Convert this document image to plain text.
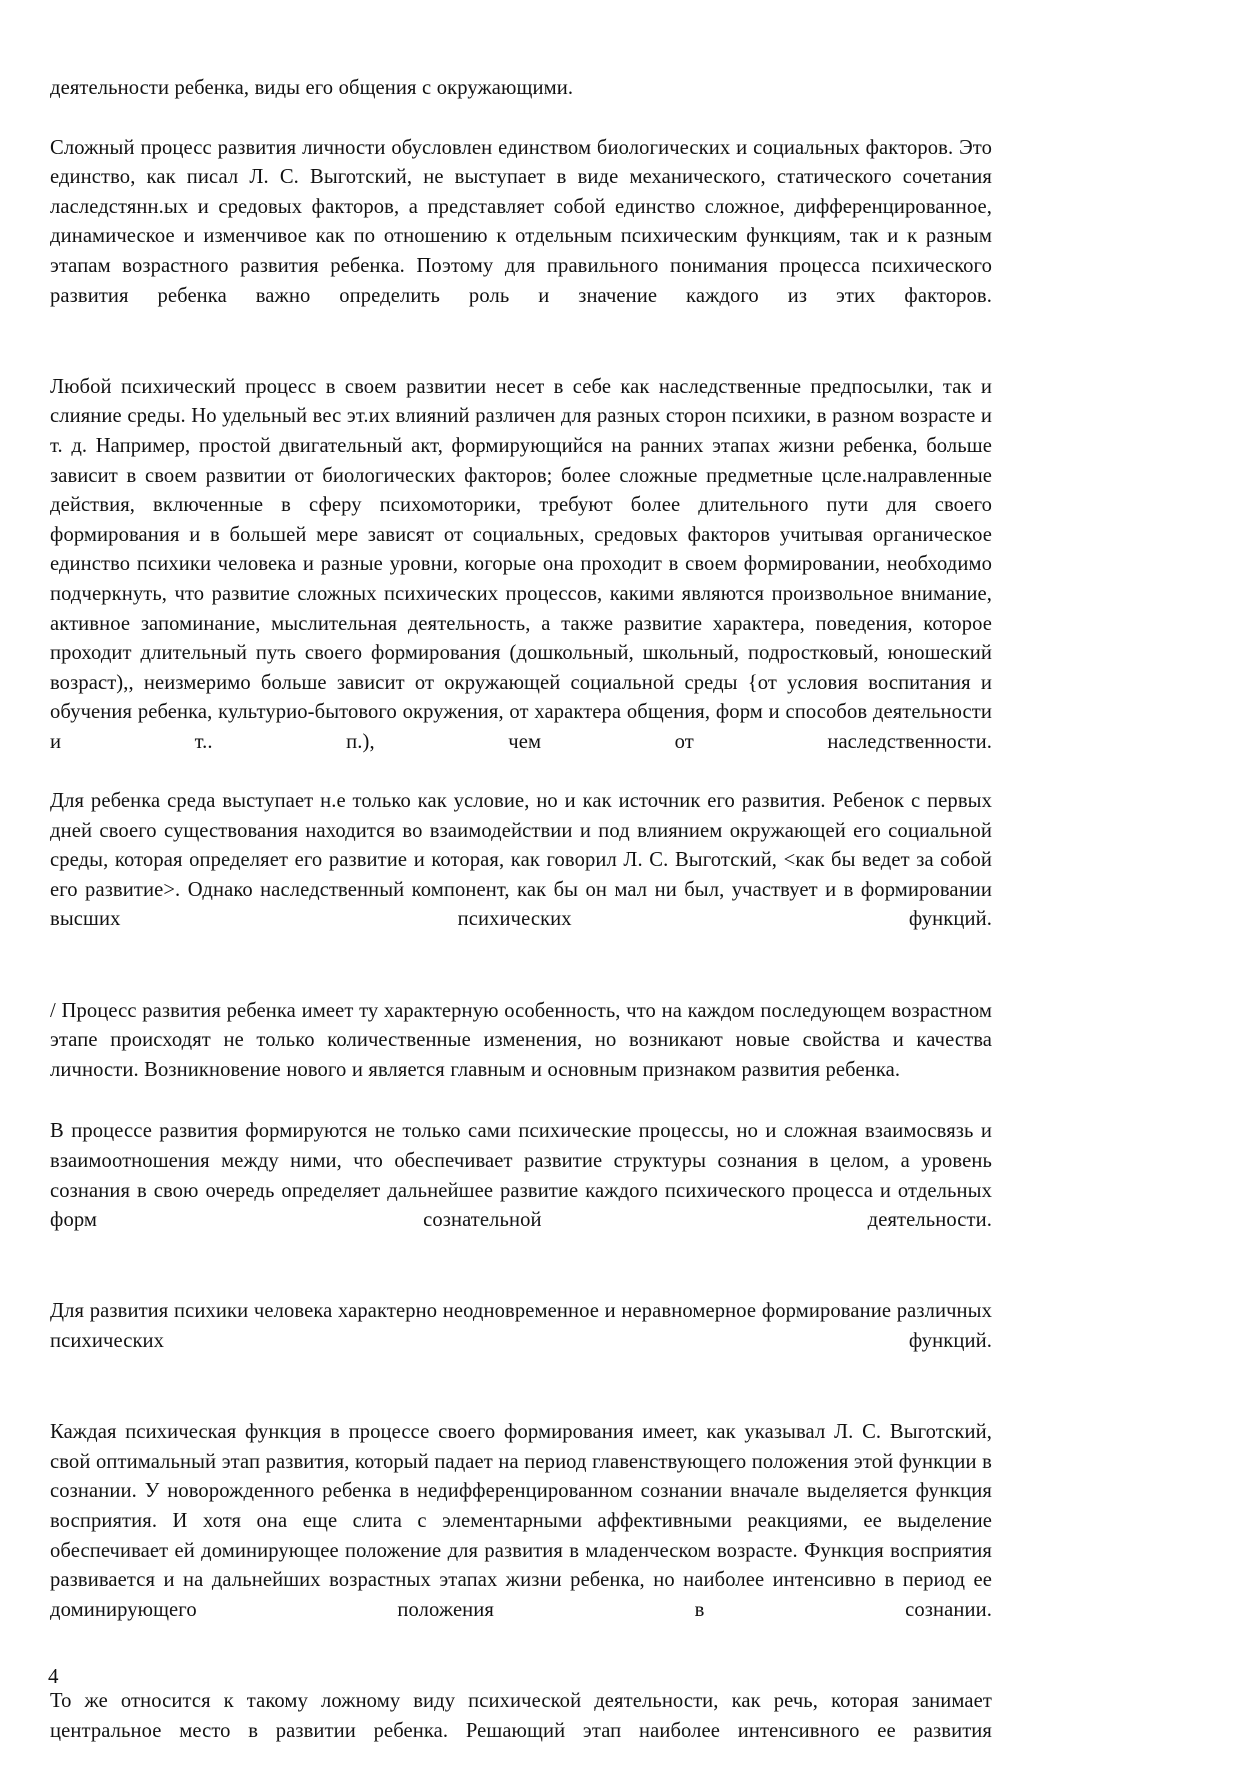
деятельности ребенка, виды его общения с окружающими.

Сложный процесс развития личности обусловлен единством биологических и социальных факторов. Это единство, как писал Л. С. Выготский, не выступает в виде механического, статического сочетания ласледстянн.ых и средовых факторов, а представляет собой единство сложное, дифференцированное, динамическое и изменчивое как по отношению к отдельным психическим функциям, так и к разным этапам возрастного развития ребенка. Поэтому для правильного понимания процесса психического развития ребенка важно определить роль и значение каждого из этих факторов.

Любой психический процесс в своем развитии несет в себе как наследственные предпосылки, так и слияние среды. Но удельный вес эт.их влияний различен для разных сторон психики, в разном возрасте и т. д. Например, простой двигательный акт, формирующийся на ранних этапах жизни ребенка, больше зависит в своем развитии от биологических факторов; более сложные предметные цсле.налравленные действия, включенные в сферу психомоторики, требуют более длительного пути для своего формирования и в большей мере зависят от социальных, средовых факторов учитывая органическое единство психики человека и разные уровни, когорые она проходит в своем формировании, необходимо подчеркнуть, что развитие сложных психических процессов, какими являются произвольное внимание, активное запоминание, мыслительная деятельность, а также развитие характера, поведения, которое проходит длительный путь своего формирования (дошкольный, школьный, подростковый, юношеский возраст),, неизмеримо больше зависит от окружающей социальной среды {от условия воспитания и обучения ребенка, культурио-бытового окружения, от характера общения, форм и способов деятельности и т.. п.), чем от наследственности.

Для ребенка среда выступает н.е только как условие, но и как источник его развития. Ребенок с первых дней своего существования находится во взаимодействии и под влиянием окружающей его социальной среды, которая определяет его развитие и которая, как говорил Л. С. Выготский, <как бы ведет за собой его развитие>. Однако наследственный компонент, как бы он мал ни был, участвует и в формировании высших психических функций.

/ Процесс развития ребенка имеет ту характерную особенность, что на каждом последующем возрастном этапе происходят не только количественные изменения, но возникают новые свойства и качества личности. Возникновение нового и является главным и основным признаком развития ребенка.

В процессе развития формируются не только сами психические процессы, но и сложная взаимосвязь и взаимоотношения между ними, что обеспечивает развитие структуры сознания в целом, а уровень сознания в свою очередь определяет дальнейшее развитие каждого психического процесса и отдельных форм сознательной деятельности.

Для развития психики человека характерно неодновременное и неравномерное формирование различных психических функций.

Каждая психическая функция в процессе своего формирования имеет, как указывал Л. С. Выготский, свой оптимальный этап развития, который падает на период главенствующего положения этой функции в сознании. У новорожденного ребенка в недифференцированном сознании вначале выделяется функция восприятия. И хотя она еще слита с элементарными аффективными реакциями, ее выделение обеспечивает ей доминирующее положение для развития в младенческом возрасте. Функция восприятия развивается и на дальнейших возрастных этапах жизни ребенка, но наиболее интенсивно в период ее доминирующего положения в сознании.

То же относится к такому ложному виду психической деятельности, как речь, которая занимает центральное место в развитии ребенка. Решающий этап наиболее интенсивного ее развития

4
